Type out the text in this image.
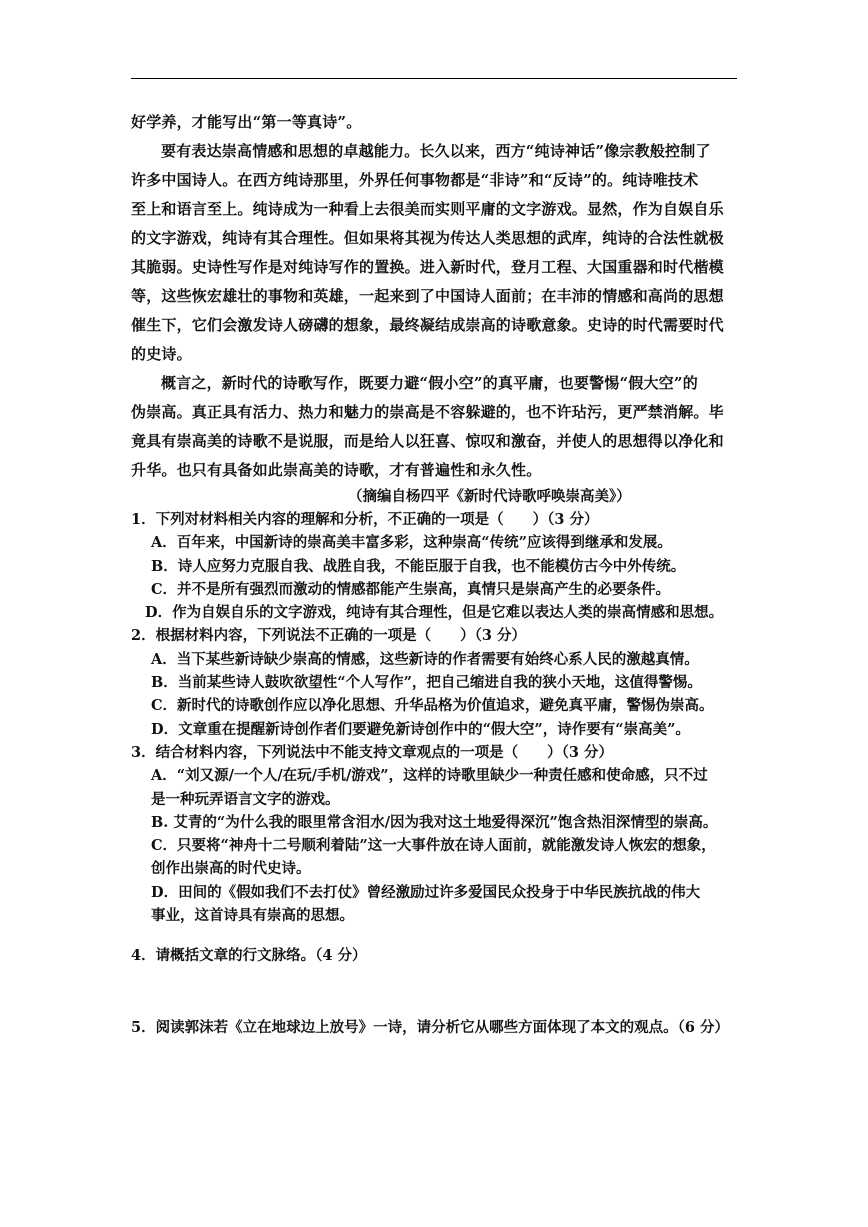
好学养，才能写出“第一等真诗”。

要有表达崇高情感和思想的卓越能力。长久以来，西方“纯诗神话”像宗教般控制了
许多中国诗人。在西方纯诗那里，外界任何事物都是“非诗”和“反诗”的。纯诗唯技术
至上和语言至上。纯诗成为一种看上去很美而实则平庸的文字游戏。显然，作为自娱自乐
的文字游戏，纯诗有其合理性。但如果将其视为传达人类思想的武库，纯诗的合法性就极
其脆弱。史诗性写作是对纯诗写作的置换。进入新时代，登月工程、大国重器和时代楷模
等，这些恢宏雄壮的事物和英雄，一起来到了中国诗人面前；在丰沛的情感和高尚的思想
催生下，它们会激发诗人磅礴的想象，最终凝结成崇高的诗歌意象。史诗的时代需要时代
的史诗。

概言之，新时代的诗歌写作，既要力避“假小空”的真平庸，也要警惕“假大空”的
伪崇高。真正具有活力、热力和魅力的崇高是不容躲避的，也不许玷污，更严禁消解。毕
竟具有崇高美的诗歌不是说服，而是给人以狂喜、惊叹和激奋，并使人的思想得以净化和
升华。也只有具备如此崇高美的诗歌，才有普遍性和永久性。

（摘编自杨四平《新时代诗歌呼唤崇高美》）

1．下列对材料相关内容的理解和分析，不正确的一项是（　　）（3 分）

A．百年来，中国新诗的崇高美丰富多彩，这种崇高“传统”应该得到继承和发展。

B．诗人应努力克服自我、战胜自我，不能臣服于自我，也不能模仿古今中外传统。

C．并不是所有强烈而激动的情感都能产生崇高，真情只是崇高产生的必要条件。

D．作为自娱自乐的文字游戏，纯诗有其合理性，但是它难以表达人类的崇高情感和思想。

2．根据材料内容，下列说法不正确的一项是（　　）（3 分）

A．当下某些新诗缺少崇高的情感，这些新诗的作者需要有始终心系人民的激越真情。

B．当前某些诗人鼓吹欲望性“个人写作”，把自己缩进自我的狭小天地，这值得警惕。

C．新时代的诗歌创作应以净化思想、升华品格为价值追求，避免真平庸，警惕伪崇高。

D．文章重在提醒新诗创作者们要避免新诗创作中的“假大空”，诗作要有“崇高美”。

3．结合材料内容，下列说法中不能支持文章观点的一项是（　　）（3 分）

A．“刘又源/一个人/在玩/手机/游戏”，这样的诗歌里缺少一种责任感和使命感，只不过

是一种玩弄语言文字的游戏。

B. 艾青的“为什么我的眼里常含泪水/因为我对这土地爱得深沉”饱含热泪深情型的崇高。

C．只要将“神舟十二号顺利着陆”这一大事件放在诗人面前，就能激发诗人恢宏的想象，

创作出崇高的时代史诗。

D．田间的《假如我们不去打仗》曾经激励过许多爱国民众投身于中华民族抗战的伟大

事业，这首诗具有崇高的思想。

4．请概括文章的行文脉络。（4 分）

5．阅读郭沫若《立在地球边上放号》一诗，请分析它从哪些方面体现了本文的观点。（6 分）
